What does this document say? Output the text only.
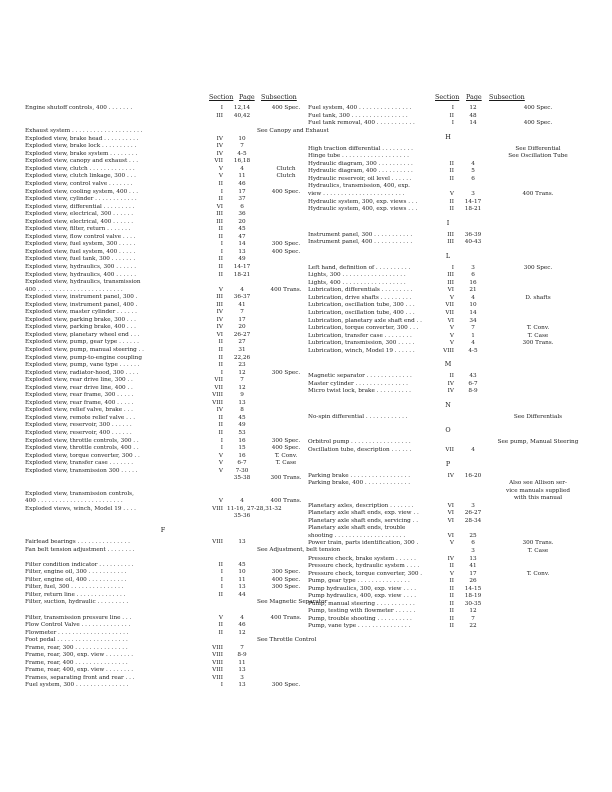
Section Page Subsection
Engine shutoff controls, 400 . . . . . . .	I	12,14	400 Spec.
III	40,42
Exhaust system . . . . . . . . . . . . . . . . . . . .	See Canopy and Exhaust
Exploded view, brake head . . . . . . . . . .	IV	10
Exploded view, brake lock . . . . . . . . . .	IV	7
Exploded view, brake system . . . . . . . .	IV	4-5
Exploded view, canopy and exhaust . . .	VII	16,18
Exploded view, clutch . . . . . . . . . . . . .	V	4	Clutch
Exploded view, clutch linkage, 300 . . .	V	11	Clutch
Exploded view, control valve . . . . . . .	II	46
Exploded view, cooling system, 400 . . .	I	17	400 Spec.
Exploded view, cylinder . . . . . . . . . . . .	II	37
Exploded view, differential . . . . . . . . .	VI	6
Exploded view, electrical, 300 . . . . . .	III	36
Exploded view, electrical, 400 . . . . . .	III	20
Exploded view, filter, return . . . . . . .	II	45
Exploded view, flow control valve . . . .	II	47
Exploded view, fuel system, 300 . . . . .	I	14	300 Spec.
Exploded view, fuel system, 400 . . . . .	I	13	400 Spec.
Exploded view, fuel tank, 300 . . . . . . .	II	49
Exploded view, hydraulics, 300 . . . . . .	II	14-17
Exploded view, hydraulics, 400 . . . . . .	II	18-21
Exploded view, hydraulics, transmission
400 . . . . . . . . . . . . . . . . . . . . . . . .	V	4	400 Trans.
Exploded view, instrument panel, 300 .	III	36-37
Exploded view, instrument panel, 400 .	III	41
Exploded view, master cylinder . . . . . .	IV	7
Exploded view, parking brake, 300 . . .	IV	17
Exploded view, parking brake, 400 . . .	IV	20
Exploded view, planetary wheel end . . .	VI	26-27
Exploded view, pump, gear type . . . . . .	II	27
Exploded view, pump, manual steering . .	II	31
Exploded view, pump-to-engine coupling	II	22,26
Exploded view, pump, vane type . . . . . .	II	23
Exploded view, radiator-hood, 300 . . . .	I	12	300 Spec.
Exploded view, rear drive line, 300 . .	VII	7
Exploded view, rear drive line, 400 . .	VII	12
Exploded view, rear frame, 300 . . . . .	VIII	9
Exploded view, rear frame, 400 . . . . .	VIII	13
Exploded view, relief valve, brake . . .	IV	8
Exploded view, remote relief valve . . .	II	45
Exploded view, reservoir, 300 . . . . . .	II	49
Exploded view, reservoir, 400 . . . . . .	II	53
Exploded view, throttle controls, 300 . .	I	16	300 Spec.
Exploded view, throttle controls, 400 . .	I	15	400 Spec.
Exploded view, torque converter, 300 . .	V	16	T. Conv.
Exploded view, transfer case . . . . . . .	V	6-7	T. Case
Exploded view, transmission 300 . . . . .	V	7-30
35-38	300 Trans.
Exploded view, transmission controls,
400 . . . . . . . . . . . . . . . . . . . . . . . .	V	4	400 Trans.
Exploded views, winch, Model 19 . . . .	VIII 11-16, 27-28,31-32
35-36
F
Fairlead bearings . . . . . . . . . . . . . . .	VIII	13
Fan belt tension adjustment . . . . . . . .	See Adjustment, belt tension
Filter condition indicator . . . . . . . . . .	II	45
Filter, engine oil, 300 . . . . . . . . . . .	I	10	300 Spec.
Filter, engine oil, 400 . . . . . . . . . . .	I	11	400 Spec.
Filter, fuel, 300 . . . . . . . . . . . . . . .	I	13	300 Spec.
Filter, return line . . . . . . . . . . . . . .	II	44
Filter, suction, hydraulic . . . . . . . . .	See Magnetic Separator
Filter, transmission pressure line . . .	V	4	400 Trans.
Flow Control Valve . . . . . . . . . . . . . .	II	46
Flowmeter . . . . . . . . . . . . . . . . . . . .	II	12
Foot pedal . . . . . . . . . . . . . . . . . . . .	See Throttle Control
Frame, rear, 300 . . . . . . . . . . . . . . .	VIII	7
Frame, rear, 300, exp. view . . . . . . . .	VIII	8-9
Frame, rear, 400 . . . . . . . . . . . . . . .	VIII	11
Frame, rear, 400, exp. view . . . . . . . .	VIII	13
Frames, separating front and rear . . .	VIII	3
Fuel system, 300 . . . . . . . . . . . . . . .	I	13	300 Spec.
Section Page Subsection
Fuel system, 400 . . . . . . . . . . . . . . .	I	12	400 Spec.
Fuel tank, 300 . . . . . . . . . . . . . . . .	II	48
Fuel tank removal, 400 . . . . . . . . . . .	I	14	400 Spec.
H
High traction differential . . . . . . . . .	See Differential
Hinge tube . . . . . . . . . . . . . . . . . . .	See Oscillation Tube
Hydraulic diagram, 300 . . . . . . . . . .	II	4
Hydraulic diagram, 400 . . . . . . . . . .	II	5
Hydraulic reservoir, oil level . . . . . .	II	6
Hydraulics, transmission, 400, exp.
view . . . . . . . . . . . . . . . . . . . . . . .	V	3	400 Trans.
Hydraulic system, 300, exp. views . . .	II	14-17
Hydraulic system, 400, exp. views . . .	II	18-21
I
Instrument panel, 300 . . . . . . . . . . .	III	36-39
Instrument panel, 400 . . . . . . . . . . .	III	40-43
L
Left hand, definition of . . . . . . . . . .	I	3	300 Spec.
Lights, 300 . . . . . . . . . . . . . . . . . .	III	6
Lights, 400 . . . . . . . . . . . . . . . . . .	III	16
Lubrication, differentials . . . . . . . . .	VI	21
Lubrication, drive shafts . . . . . . . . .	V	4	D. shafts
Lubrication, oscillation tube, 300 . . .	VII	10
Lubrication, oscillation tube, 400 . . .	VII	14
Lubrication, planetary axle shaft end . .	VI	34
Lubrication, torque converter, 300 . . .	V	7	T. Conv.
Lubrication, transfer case . . . . . . . .	V	1	T. Case
Lubrication, transmission, 300 . . . . .	V	4	300 Trans.
Lubrication, winch, Model 19 . . . . . .	VIII	4-5
M
Magnetic separator . . . . . . . . . . . . .	II	43
Master cylinder . . . . . . . . . . . . . . .	IV	6-7
Micro twist lock, brake . . . . . . . . . .	IV	8-9
N
No-spin differential . . . . . . . . . . . .	See Differentials
O
Orbitrol pump . . . . . . . . . . . . . . . . .	See pump, Manual Steering
Oscillation tube, description . . . . . .	VII	4
P
Parking brake . . . . . . . . . . . . . . . . .	IV	16-20
Parking brake, 400 . . . . . . . . . . . . .	Also see Allison ser-
vice manuals supplied
with this manual
Planetary axles, description . . . . . . .	VI	3
Planetary axle shaft ends, exp. view . .	VI	26-27
Planetary axle shaft ends, servicing . .	VI	28-34
Planetary axle shaft ends, trouble
shooting . . . . . . . . . . . . . . . . . . . .	VI	25
Power train, parts identification, 300 .	V	6	300 Trans.
3	T. Case
Pressure check, brake system . . . . . .	IV	13
Pressure check, hydraulic system . . . .	II	41
Pressure check, torque converter, 300 .	V	17	T. Conv.
Pump, gear type . . . . . . . . . . . . . . .	II	26
Pump hydraulics, 300, exp. view . . . .	II	14-15
Pump hydraulics, 400, exp. view . . . .	II	18-19
Pump, manual steering . . . . . . . . . . .	II	30-35
Pump, testing with flowmeter . . . . . .	II	12
Pump, trouble shooting . . . . . . . . . .	II	7
Pump, vane type . . . . . . . . . . . . . . .	II	22
